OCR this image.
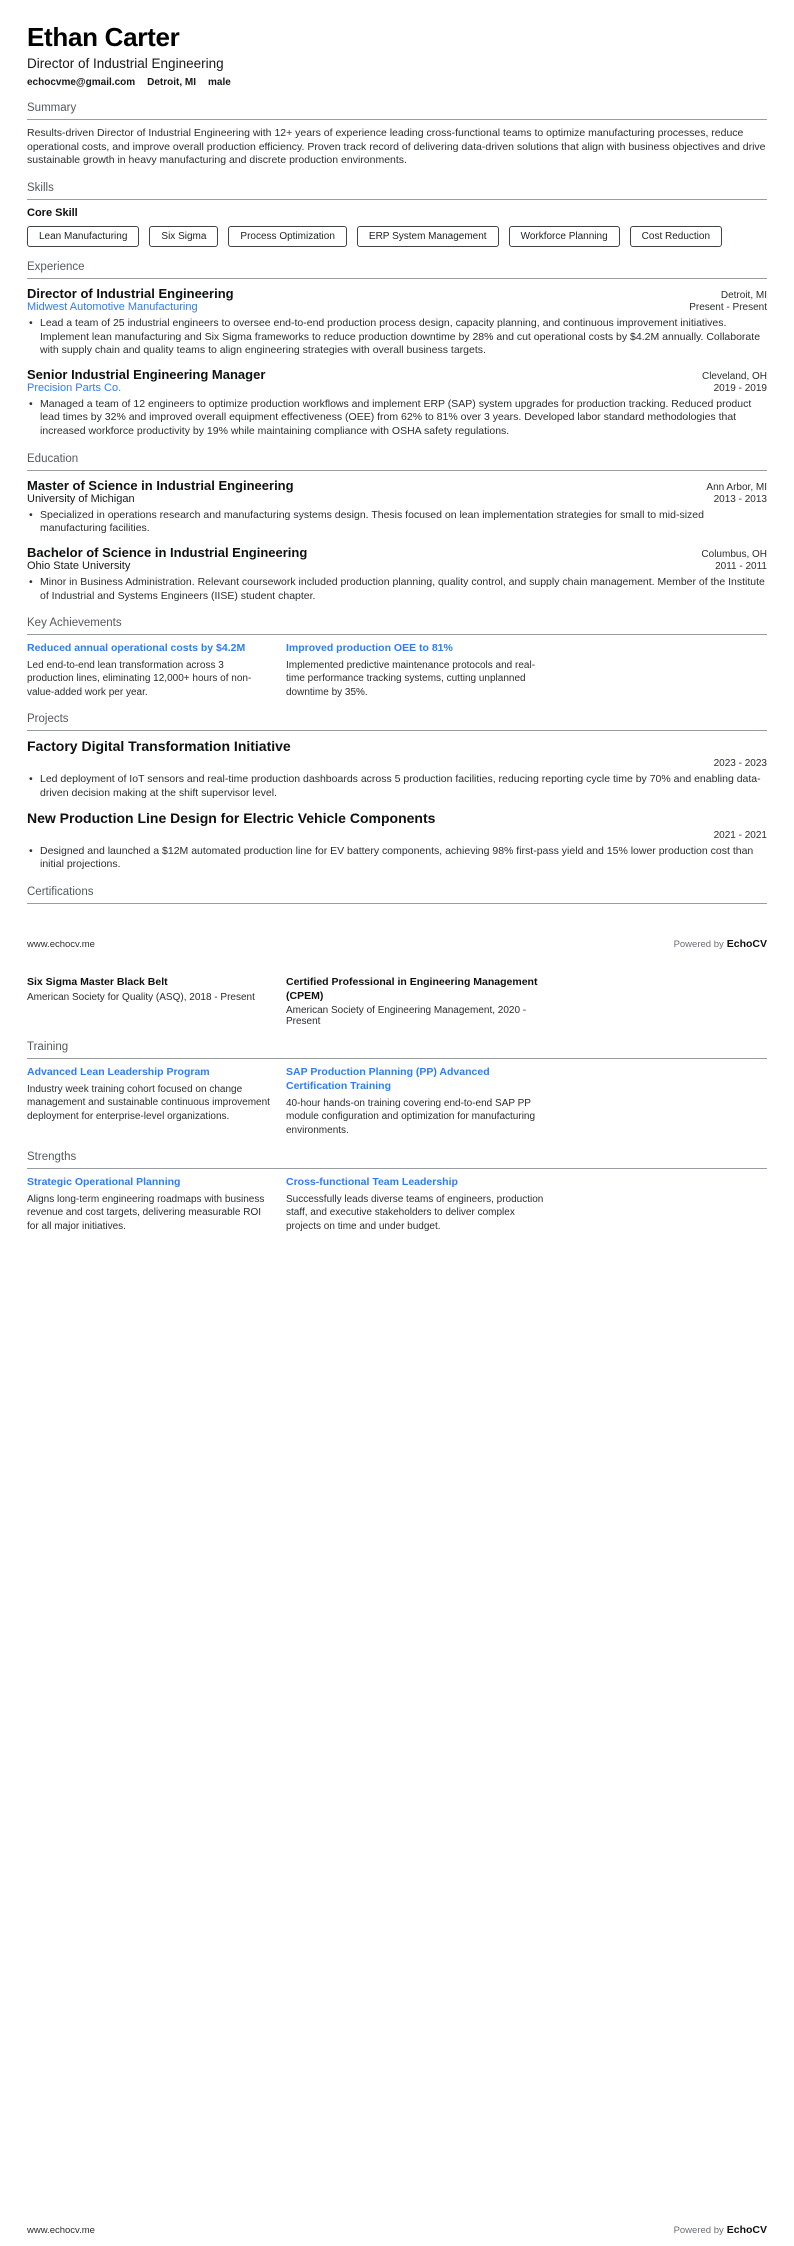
Ethan Carter
Director of Industrial Engineering
echocvme@gmail.com Detroit, MI male
Summary

Results-driven Director of Industrial Engineering with 12+ years of experience leading cross-functional teams to optimize manufacturing processes, reduce operational costs, and improve overall production efficiency. Proven track record of delivering data-driven solutions that align with business objectives and drive sustainable growth in heavy manufacturing and discrete production environments.

Skills
Core Skill
Lean Manufacturing	Six Sigma	Process Optimization	ERP System Management	Workforce Planning	Cost Reduction
Experience
Director of Industrial Engineering	Detroit, MI
Midwest Automotive Manufacturing	Present - Present
• Lead a team of 25 industrial engineers to oversee end-to-end production process design, capacity planning, and continuous improvement initiatives. Implement lean manufacturing and Six Sigma frameworks to reduce production downtime by 28% and cut operational costs by $4.2M annually. Collaborate with supply chain and quality teams to align engineering strategies with overall business targets.
Senior Industrial Engineering Manager	Cleveland, OH
Precision Parts Co.	2019 - 2019
• Managed a team of 12 engineers to optimize production workflows and implement ERP (SAP) system upgrades for production tracking. Reduced product lead times by 32% and improved overall equipment effectiveness (OEE) from 62% to 81% over 3 years. Developed labor standard methodologies that increased workforce productivity by 19% while maintaining compliance with OSHA safety regulations.
Education
Master of Science in Industrial Engineering	Ann Arbor, MI
University of Michigan	2013 - 2013
• Specialized in operations research and manufacturing systems design. Thesis focused on lean implementation strategies for small to mid-sized manufacturing facilities.
Bachelor of Science in Industrial Engineering	Columbus, OH
Ohio State University	2011 - 2011
• Minor in Business Administration. Relevant coursework included production planning, quality control, and supply chain management. Member of the Institute of Industrial and Systems Engineers (IISE) student chapter.
Key Achievements
Reduced annual operational costs by $4.2M
Led end-to-end lean transformation across 3 production lines, eliminating 12,000+ hours of non-value-added work per year.
Improved production OEE to 81%
Implemented predictive maintenance protocols and real-time performance tracking systems, cutting unplanned downtime by 35%.
Projects
Factory Digital Transformation Initiative
2023 - 2023
• Led deployment of IoT sensors and real-time production dashboards across 5 production facilities, reducing reporting cycle time by 70% and enabling data-driven decision making at the shift supervisor level.
New Production Line Design for Electric Vehicle Components
2021 - 2021
• Designed and launched a $12M automated production line for EV battery components, achieving 98% first-pass yield and 15% lower production cost than initial projections.
Certifications
www.echocv.me	Powered by EchoCV
Six Sigma Master Black Belt
American Society for Quality (ASQ), 2018 - Present
Certified Professional in Engineering Management (CPEM)
American Society of Engineering Management, 2020 - Present
Training
Advanced Lean Leadership Program
Industry week training cohort focused on change management and sustainable continuous improvement deployment for enterprise-level organizations.
SAP Production Planning (PP) Advanced Certification Training
40-hour hands-on training covering end-to-end SAP PP module configuration and optimization for manufacturing environments.
Strengths
Strategic Operational Planning
Aligns long-term engineering roadmaps with business revenue and cost targets, delivering measurable ROI for all major initiatives.
Cross-functional Team Leadership
Successfully leads diverse teams of engineers, production staff, and executive stakeholders to deliver complex projects on time and under budget.
www.echocv.me	Powered by EchoCV
